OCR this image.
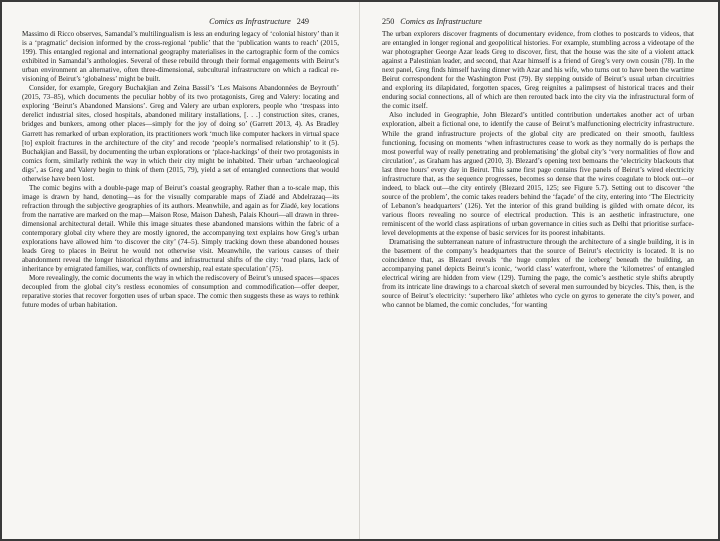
Comics as Infrastructure 249

Massimo di Ricco observes, Samandal’s multilingualism is less an enduring legacy of ‘colonial history’ than it is a ‘pragmatic’ decision informed by the cross-regional ‘public’ that the ‘publication wants to reach’ (2015, 199). This entangled regional and international geography materialises in the cartographic form of the comics exhibited in Samandal’s anthologies. Several of these rebuild through their formal engagements with Beirut’s urban environment an alternative, often three-dimensional, subcultural infrastructure on which a radical re-visioning of Beirut’s ‘globalness’ might be built.

Consider, for example, Gregory Buchakjian and Zeina Bassil’s ‘Les Maisons Abandonnées de Beyrouth’ (2015, 73–85), which documents the peculiar hobby of its two protagonists, Greg and Valery: locating and exploring ‘Beirut’s Abandoned Mansions’. Greg and Valery are urban explorers, people who ‘trespass into derelict industrial sites, closed hospitals, abandoned military installations, [. . .] construction sites, cranes, bridges and bunkers, among other places—simply for the joy of doing so’ (Garrett 2013, 4). As Bradley Garrett has remarked of urban exploration, its practitioners work ‘much like computer hackers in virtual space [to] exploit fractures in the architecture of the city’ and recode ‘people’s normalised relationship’ to it (5). Buchakjian and Bassil, by documenting the urban explorations or ‘place-hackings’ of their two protagonists in comics form, similarly rethink the way in which their city might be inhabited. Their urban ‘archaeological digs’, as Greg and Valery begin to think of them (2015, 79), yield a set of entangled connections that would otherwise have been lost.

The comic begins with a double-page map of Beirut’s coastal geography. Rather than a to-scale map, this image is drawn by hand, denoting—as for the visually comparable maps of Ziadé and Abdelrazaq—its refraction through the subjective geographies of its authors. Meanwhile, and again as for Ziadé, key locations from the narrative are marked on the map—Maison Rose, Maison Dahesh, Palais Khouri—all drawn in three-dimensional architectural detail. While this image situates these abandoned mansions within the fabric of a contemporary global city where they are mostly ignored, the accompanying text explains how Greg’s urban explorations have allowed him ‘to discover the city’ (74–5). Simply tracking down these abandoned houses leads Greg to places in Beirut he would not otherwise visit. Meanwhile, the various causes of their abandonment reveal the longer historical rhythms and infrastructural shifts of the city: ‘road plans, lack of inheritance by emigrated families, war, conflicts of ownership, real estate speculation’ (75).

More revealingly, the comic documents the way in which the rediscovery of Beirut’s unused spaces—spaces decoupled from the global city’s restless economies of consumption and commodification—offer deeper, reparative stories that recover forgotten uses of urban space. The comic then suggests these as ways to rethink future modes of urban habitation.

250 Comics as Infrastructure

The urban explorers discover fragments of documentary evidence, from clothes to postcards to videos, that are entangled in longer regional and geopolitical histories. For example, stumbling across a videotape of the war photographer George Azar leads Greg to discover, first, that the house was the site of a violent attack against a Palestinian leader, and second, that Azar himself is a friend of Greg’s very own cousin (78). In the next panel, Greg finds himself having dinner with Azar and his wife, who turns out to have been the wartime Beirut correspondent for the Washington Post (79). By stepping outside of Beirut’s usual urban circuitries and exploring its dilapidated, forgotten spaces, Greg reignites a palimpsest of historical traces and their enduring social connections, all of which are then rerouted back into the city via the infrastructural form of the comic itself.

Also included in Geographie, John Blezard’s untitled contribution undertakes another act of urban exploration, albeit a fictional one, to identify the cause of Beirut’s malfunctioning electricity infrastructure. While the grand infrastructure projects of the global city are predicated on their smooth, faultless functioning, focusing on moments ‘when infrastructures cease to work as they normally do is perhaps the most powerful way of really penetrating and problematising’ the global city’s ‘very normalities of flow and circulation’, as Graham has argued (2010, 3). Blezard’s opening text bemoans the ‘electricity blackouts that last three hours’ every day in Beirut. This same first page contains five panels of Beirut’s wired electricity infrastructure that, as the sequence progresses, becomes so dense that the wires coagulate to block out—or indeed, to black out—the city entirely (Blezard 2015, 125; see Figure 5.7). Setting out to discover ‘the source of the problem’, the comic takes readers behind the ‘façade’ of the city, entering into ‘The Electricity of Lebanon’s headquarters’ (126). Yet the interior of this grand building is gilded with ornate décor, its various floors revealing no source of electrical production. This is an aesthetic infrastructure, one reminiscent of the world class aspirations of urban governance in cities such as Delhi that prioritise surface-level developments at the expense of basic services for its poorest inhabitants.

Dramatising the subterranean nature of infrastructure through the architecture of a single building, it is in the basement of the company’s headquarters that the source of Beirut’s electricity is located. It is no coincidence that, as Blezard reveals ‘the huge complex of the iceberg’ beneath the building, an accompanying panel depicts Beirut’s iconic, ‘world class’ waterfront, where the ‘kilometres’ of entangled electrical wiring are hidden from view (129). Turning the page, the comic’s aesthetic style shifts abruptly from its intricate line drawings to a charcoal sketch of several men surrounded by bicycles. This, then, is the source of Beirut’s electricity: ‘superhero like’ athletes who cycle on gyros to generate the city’s power, and who cannot be blamed, the comic concludes, ‘for wanting
